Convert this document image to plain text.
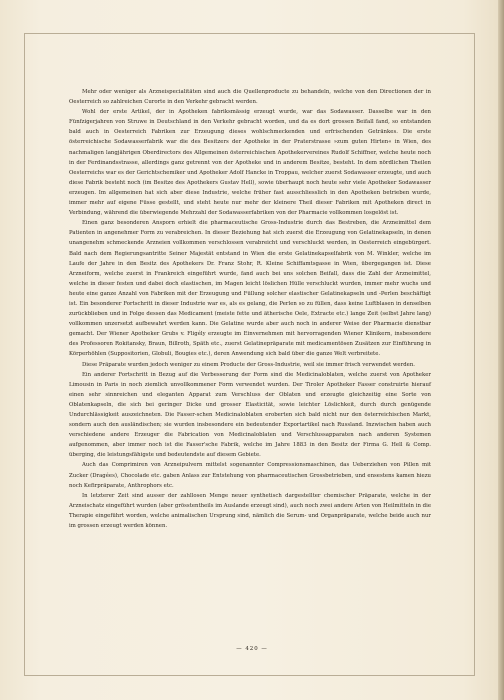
Mehr oder weniger als Arzneispecialitäten sind auch die Quellenproducte zu behandeln, welche von den Directionen der in Oesterreich so zahlreichen Curorte in den Verkehr gebracht werden.

Wohl der erste Artikel, der in Apotheken fabriksmässig erzeugt wurde, war das Sodawasser. Dasselbe war in den Fünfzigerjahren von Struwe in Deutschland in den Verkehr gebracht worden, und da es dort grossen Beifall fand, so entstanden bald auch in Oesterreich Fabriken zur Erzeugung dieses wohlschmeckenden und erfrischenden Getränkes. Die erste österreichische Sodawasserfabrik war die des Besitzers der Apotheke in der Praterstrasse »zum guten Hirten« in Wien, des nachmaligen langjährigen Oberdirectors des Allgemeinen österreichischen Apothekervereines Rudolf Schiffner, welche heute noch in der Ferdinandsstrasse, allerdings ganz getrennt von der Apotheke und in anderem Besitze, besteht. In dem nördlichen Theilen Oesterreichs war es der Gerichtschemiker und Apotheker Adolf Hancke in Troppau, welcher zuerst Sodawasser erzeugte, und auch diese Fabrik besteht noch (im Besitze des Apothekers Gustav Hell), sowie überhaupt noch heute sehr viele Apotheker Sodawasser erzeugen. Im allgemeinen hat sich aber diese Industrie, welche früher fast ausschliesslich in den Apotheken betrieben wurde, immer mehr auf eigene Füsse gestellt, und steht heute nur mehr der kleinere Theil dieser Fabriken mit Apotheken direct in Verbindung, während die überwiegende Mehrzahl der Sodawasserfabriken von der Pharmacie vollkommen losgelöst ist.

Einen ganz besonderen Ansporn erhielt die pharmaceutische Gross-Industrie durch das Bestreben, die Arzneimittel dem Patienten in angenehmer Form zu verabreichen. In dieser Beziehung hat sich zuerst die Erzeugung von Gelatinekapseln, in denen unangenehm schmeckende Arzneien vollkommen verschlossen verabreicht und verschluckt werden, in Oesterreich eingebürgert. Bald nach dem Regierungsantritte Seiner Majestät entstand in Wien die erste Gelatinekapselfabrik von M. Winkler, welche im Laufe der Jahre in den Besitz des Apothekers Dr. Franz Stohr, R. Kleine Schiffamtsgasse in Wien, übergegangen ist. Diese Arzneiform, welche zuerst in Frankreich eingeführt wurde, fand auch bei uns solchen Beifall, dass die Zahl der Arzneimittel, welche in dieser festen und dabei doch elastischen, im Magen leicht löslichen Hülle verschluckt wurden, immer mehr wuchs und heute eine ganze Anzahl von Fabriken mit der Erzeugung und Füllung solcher elastischer Gelatinekapseln und -Perlen beschäftigt ist. Ein besonderer Fortschritt in dieser Industrie war es, als es gelang, die Perlen so zu füllen, dass keine Luftblasen in denselben zurückblieben und in Folge dessen das Medicament (meiste fette und ätherische Oele, Extracte etc.) lange Zeit (selbst Jahre lang) vollkommen unzersetzt aufbewahrt werden kann. Die Gelatine wurde aber auch noch in anderer Weise der Pharmacie dienstbar gemacht. Der Wiener Apotheker Grubs v. Fligély erzeugte im Einvernehmen mit hervorragenden Wiener Klinikern, insbesondere des Professoren Rokitansky, Braun, Billroth, Späth etc., zuerst Gelatinepräparate mit medicamentösen Zusätzen zur Einführung in Körperhöhlen (Suppositorien, Globuli, Bougies etc.), deren Anwendung sich bald über die ganze Welt verbreitete.

Diese Präparate wurden jedoch weniger zu einem Producte der Gross-Industrie, weil sie immer frisch verwendet werden.

Ein anderer Fortschritt in Bezug auf die Verbesserung der Form sind die Medicinaloblaten, welche zuerst von Apotheker Limousin in Paris in noch ziemlich unvollkommener Form verwendet wurden. Der Tiroler Apotheker Fasser construirte hierauf einen sehr sinnreichen und eleganten Apparat zum Verschluss der Oblaten und erzeugte gleichzeitig eine Sorte von Oblatenkapseln, die sich bei geringer Dicke und grosser Elasticität, sowie leichter Löslichkeit, durch durch genügende Undurchlässigkeit auszeichneten. Die Fasser-schen Medicinaloblaten eroberten sich bald nicht nur den österreichischen Markt, sondern auch den ausländischen; sie wurden insbesondere ein bedeutender Exportartikel nach Russland. Inzwischen haben auch verschiedene andere Erzeuger die Fabrication von Medicinaloblaten und Verschlussapparaten nach anderen Systemen aufgenommen, aber immer noch ist die Fasser'sche Fabrik, welche im Jahre 1883 in den Besitz der Firma G. Hell & Comp. überging, die leistungsfähigste und bedeutendste auf diesem Gebiete.

Auch das Comprimiren von Arzneipulvern mittelst sogenannter Compressionsmaschinen, das Ueberziehen von Pillen mit Zucker (Dragées), Chocolade etc. gaben Anlass zur Entstehung von pharmaceutischen Grossbetrieben, und ensestens kamen hiezu noch Kefirpräparate, Anthrophors etc.

In letzterer Zeit sind ausser der zahllosen Menge neuer synthetisch dargestellter chemischer Präparate, welche in der Arzneischatz eingeführt wurden (aber grösstentheils im Auslande erzeugt sind), auch noch zwei andere Arten von Heilmitteln in die Therapie eingeführt worden, welche animalischen Ursprung sind, nämlich die Serum- und Organpräparate, welche beide auch nur im grossen erzeugt werden können.

— 420 —
